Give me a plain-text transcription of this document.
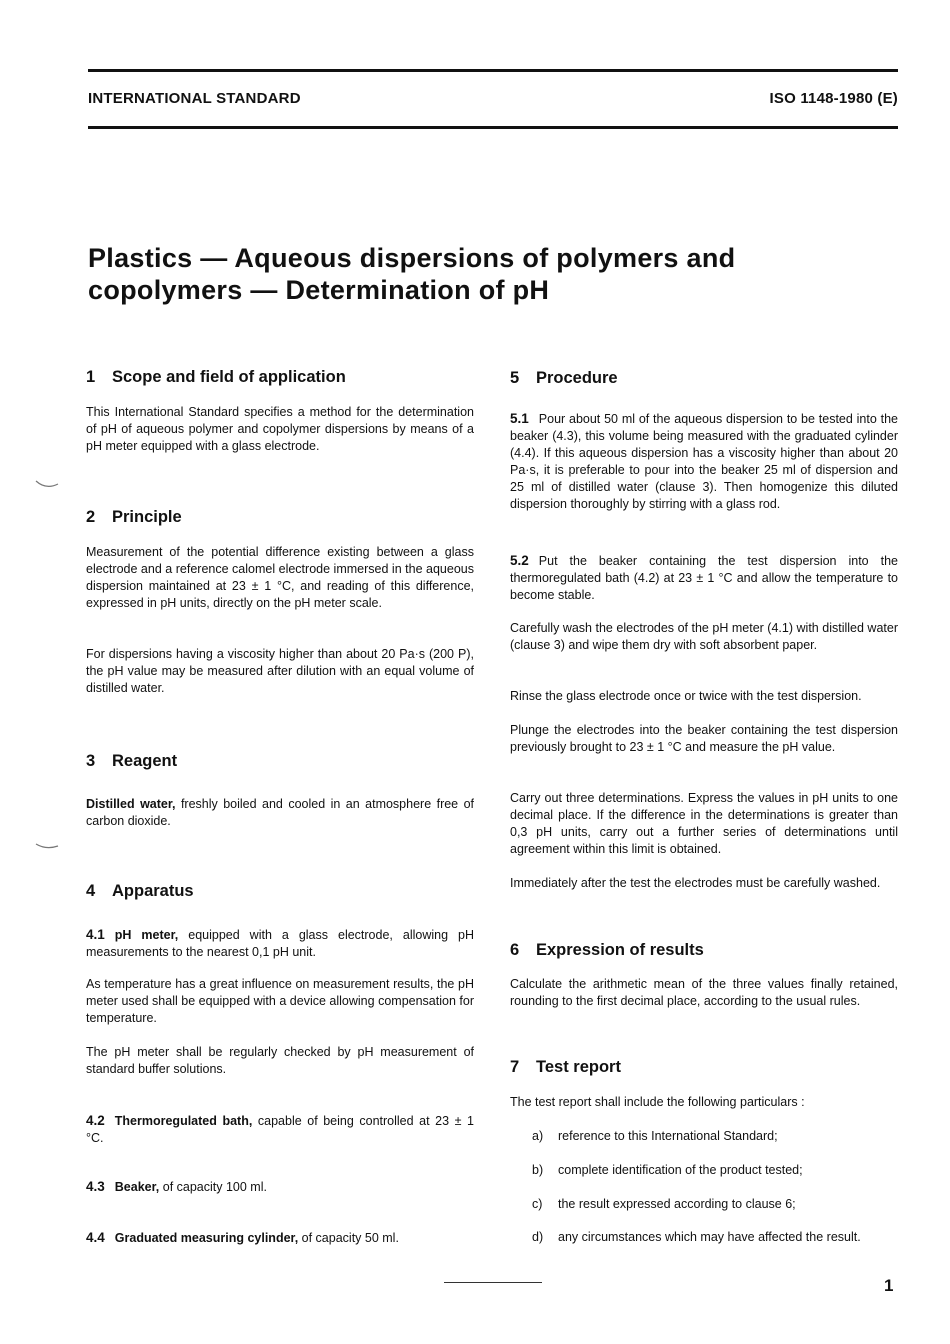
INTERNATIONAL STANDARD	ISO 1148-1980 (E)
Plastics — Aqueous dispersions of polymers and
copolymers — Determination of pH
1 Scope and field of application

This International Standard specifies a method for the determination of pH of aqueous polymer and copolymer dispersions by means of a pH meter equipped with a glass electrode.

2 Principle

Measurement of the potential difference existing between a glass electrode and a reference calomel electrode immersed in the aqueous dispersion maintained at 23 ± 1 °C, and reading of this difference, expressed in pH units, directly on the pH meter scale.

For dispersions having a viscosity higher than about 20 Pa·s (200 P), the pH value may be measured after dilution with an equal volume of distilled water.

3 Reagent

Distilled water, freshly boiled and cooled in an atmosphere free of carbon dioxide.

4 Apparatus

4.1 pH meter, equipped with a glass electrode, allowing pH measurements to the nearest 0,1 pH unit.

As temperature has a great influence on measurement results, the pH meter used shall be equipped with a device allowing compensation for temperature.

The pH meter shall be regularly checked by pH measurement of standard buffer solutions.

4.2 Thermoregulated bath, capable of being controlled at 23 ± 1 °C.

4.3 Beaker, of capacity 100 ml.

4.4 Graduated measuring cylinder, of capacity 50 ml.

5 Procedure

5.1 Pour about 50 ml of the aqueous dispersion to be tested into the beaker (4.3), this volume being measured with the graduated cylinder (4.4). If this aqueous dispersion has a viscosity higher than about 20 Pa·s, it is preferable to pour into the beaker 25 ml of dispersion and 25 ml of distilled water (clause 3). Then homogenize this diluted dispersion thoroughly by stirring with a glass rod.

5.2 Put the beaker containing the test dispersion into the thermoregulated bath (4.2) at 23 ± 1 °C and allow the temperature to become stable.

Carefully wash the electrodes of the pH meter (4.1) with distilled water (clause 3) and wipe them dry with soft absorbent paper.

Rinse the glass electrode once or twice with the test dispersion.

Plunge the electrodes into the beaker containing the test dispersion previously brought to 23 ± 1 °C and measure the pH value.

Carry out three determinations. Express the values in pH units to one decimal place. If the difference in the determinations is greater than 0,3 pH units, carry out a further series of determinations until agreement within this limit is obtained.

Immediately after the test the electrodes must be carefully washed.

6 Expression of results

Calculate the arithmetic mean of the three values finally retained, rounding to the first decimal place, according to the usual rules.

7 Test report

The test report shall include the following particulars :

a) reference to this International Standard;

b) complete identification of the product tested;

c) the result expressed according to clause 6;

d) any circumstances which may have affected the result.

1
